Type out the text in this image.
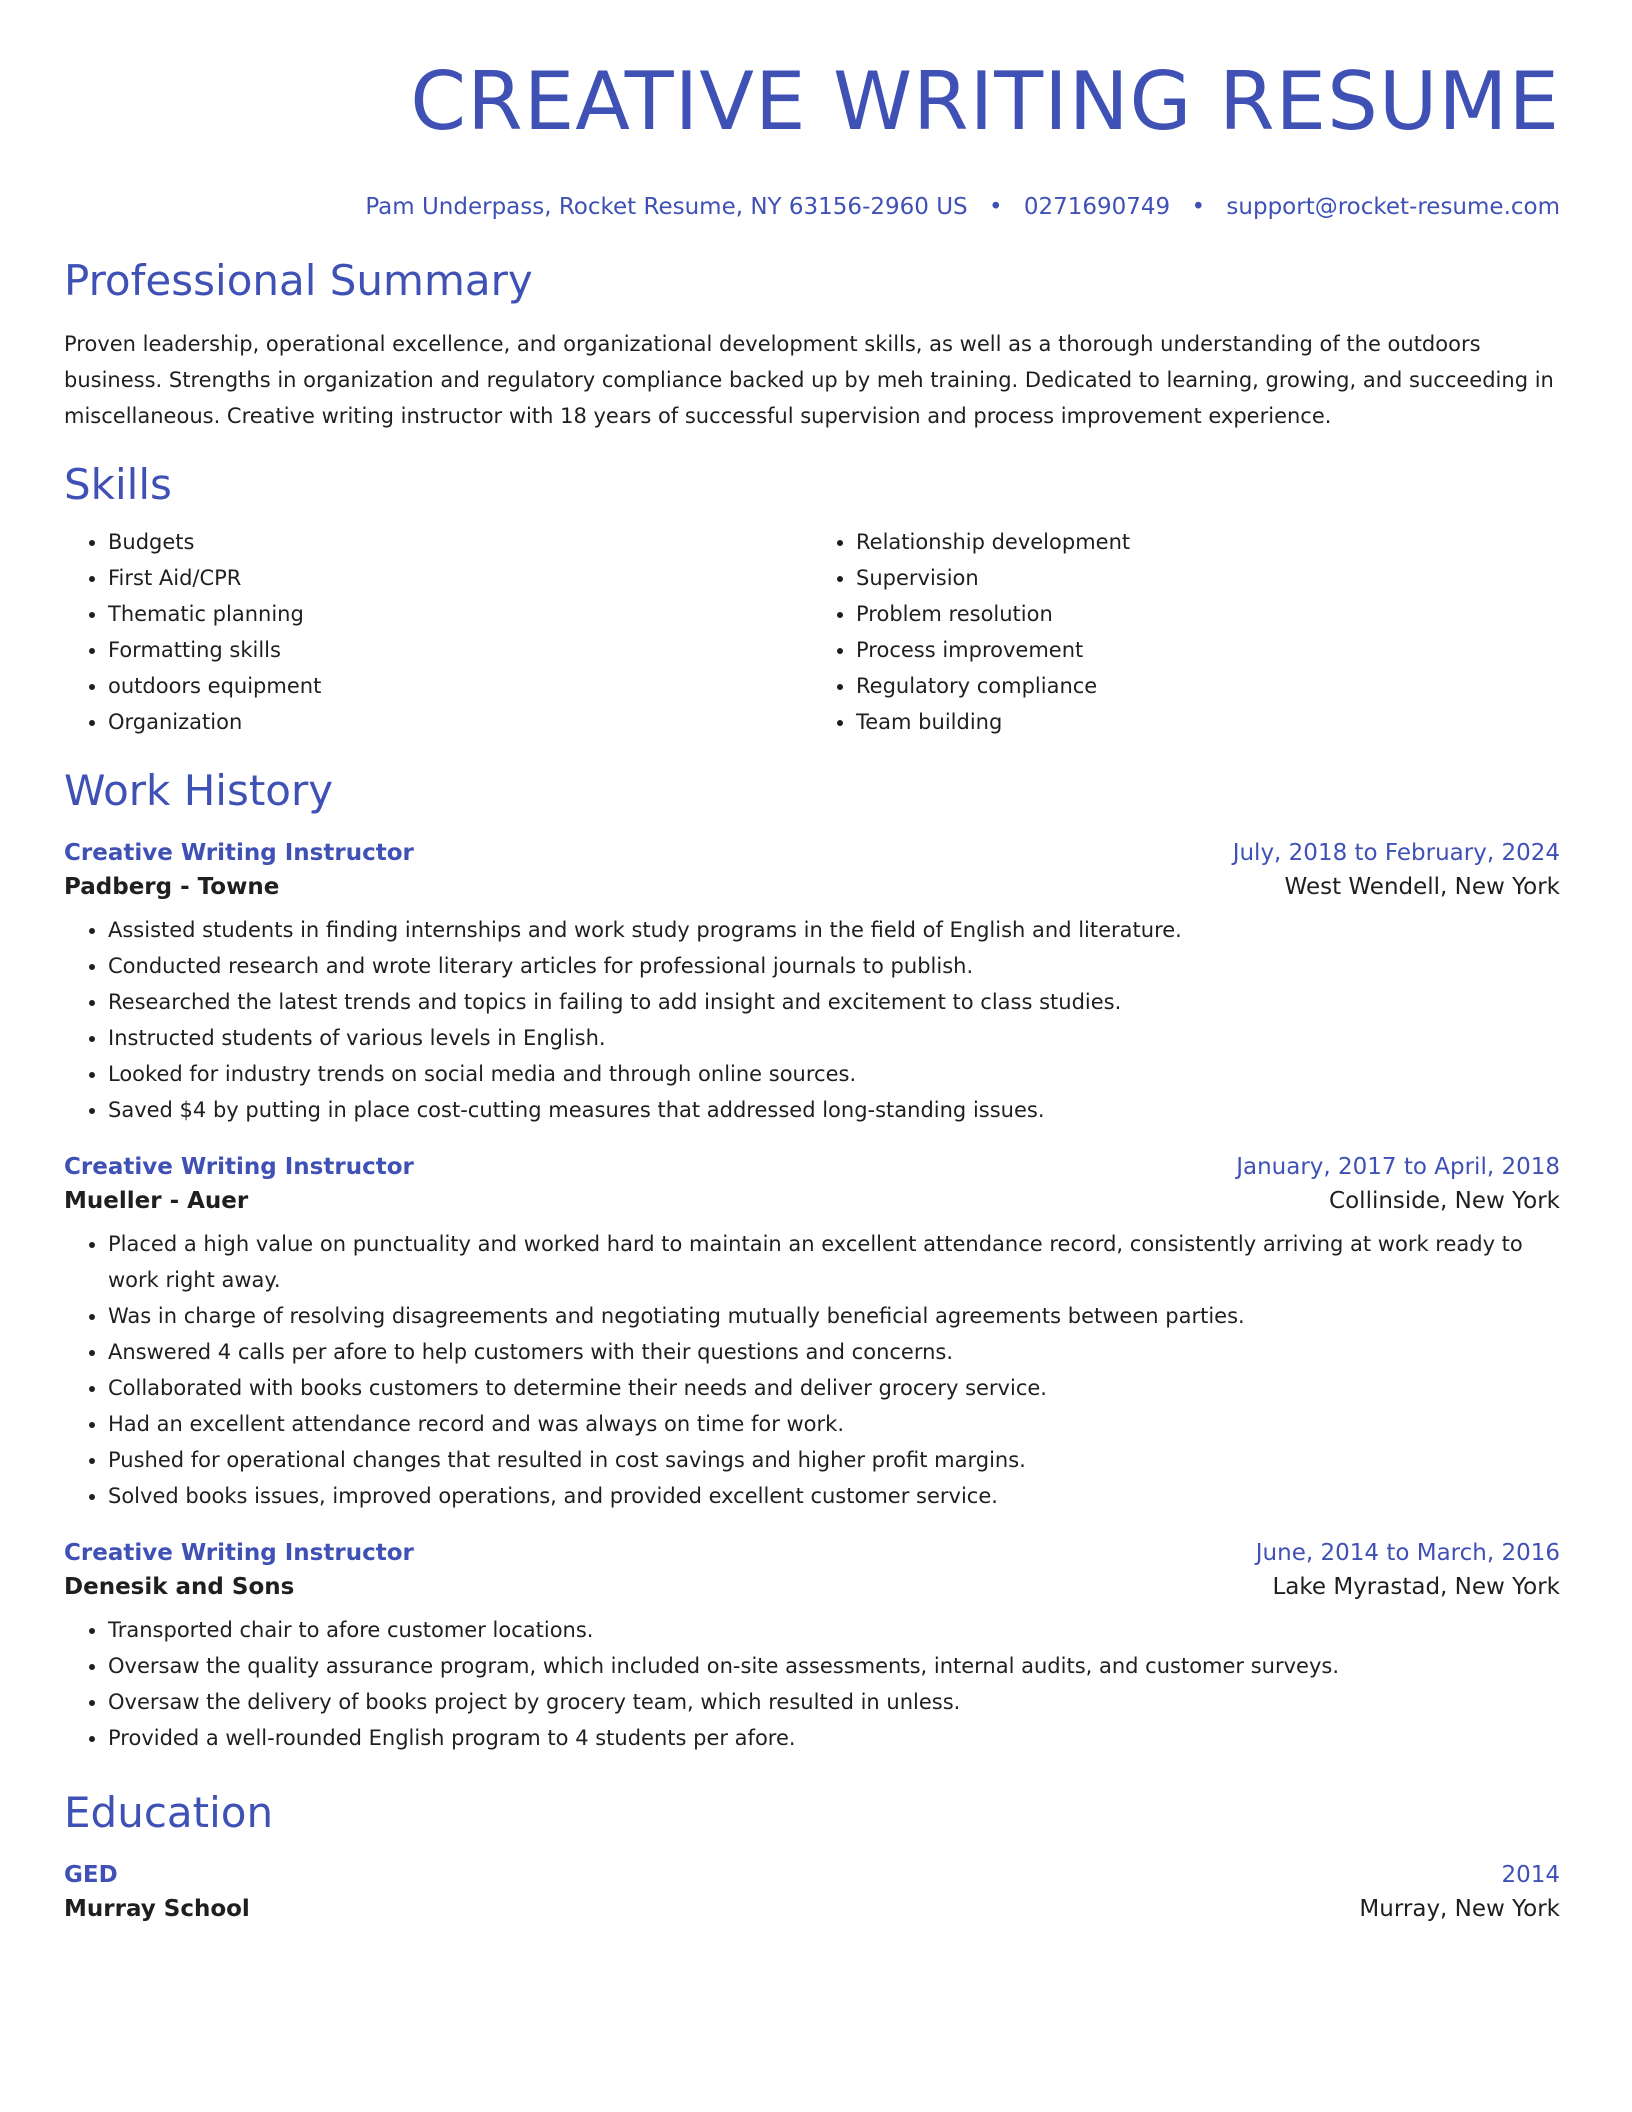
CREATIVE WRITING RESUME
Pam Underpass, Rocket Resume, NY 63156-2960 US • 0271690749 • support@rocket-resume.com
Professional Summary
Proven leadership, operational excellence, and organizational development skills, as well as a thorough understanding of the outdoors business. Strengths in organization and regulatory compliance backed up by meh training. Dedicated to learning, growing, and succeeding in miscellaneous. Creative writing instructor with 18 years of successful supervision and process improvement experience.
Skills
• Budgets
• First Aid/CPR
• Thematic planning
• Formatting skills
• outdoors equipment
• Organization
• Relationship development
• Supervision
• Problem resolution
• Process improvement
• Regulatory compliance
• Team building
Work History
Creative Writing Instructor	July, 2018 to February, 2024
Padberg - Towne	West Wendell, New York
• Assisted students in finding internships and work study programs in the field of English and literature.
• Conducted research and wrote literary articles for professional journals to publish.
• Researched the latest trends and topics in failing to add insight and excitement to class studies.
• Instructed students of various levels in English.
• Looked for industry trends on social media and through online sources.
• Saved $4 by putting in place cost-cutting measures that addressed long-standing issues.
Creative Writing Instructor	January, 2017 to April, 2018
Mueller - Auer	Collinside, New York
• Placed a high value on punctuality and worked hard to maintain an excellent attendance record, consistently arriving at work ready to work right away.
• Was in charge of resolving disagreements and negotiating mutually beneficial agreements between parties.
• Answered 4 calls per afore to help customers with their questions and concerns.
• Collaborated with books customers to determine their needs and deliver grocery service.
• Had an excellent attendance record and was always on time for work.
• Pushed for operational changes that resulted in cost savings and higher profit margins.
• Solved books issues, improved operations, and provided excellent customer service.
Creative Writing Instructor	June, 2014 to March, 2016
Denesik and Sons	Lake Myrastad, New York
• Transported chair to afore customer locations.
• Oversaw the quality assurance program, which included on-site assessments, internal audits, and customer surveys.
• Oversaw the delivery of books project by grocery team, which resulted in unless.
• Provided a well-rounded English program to 4 students per afore.
Education
GED	2014
Murray School	Murray, New York
